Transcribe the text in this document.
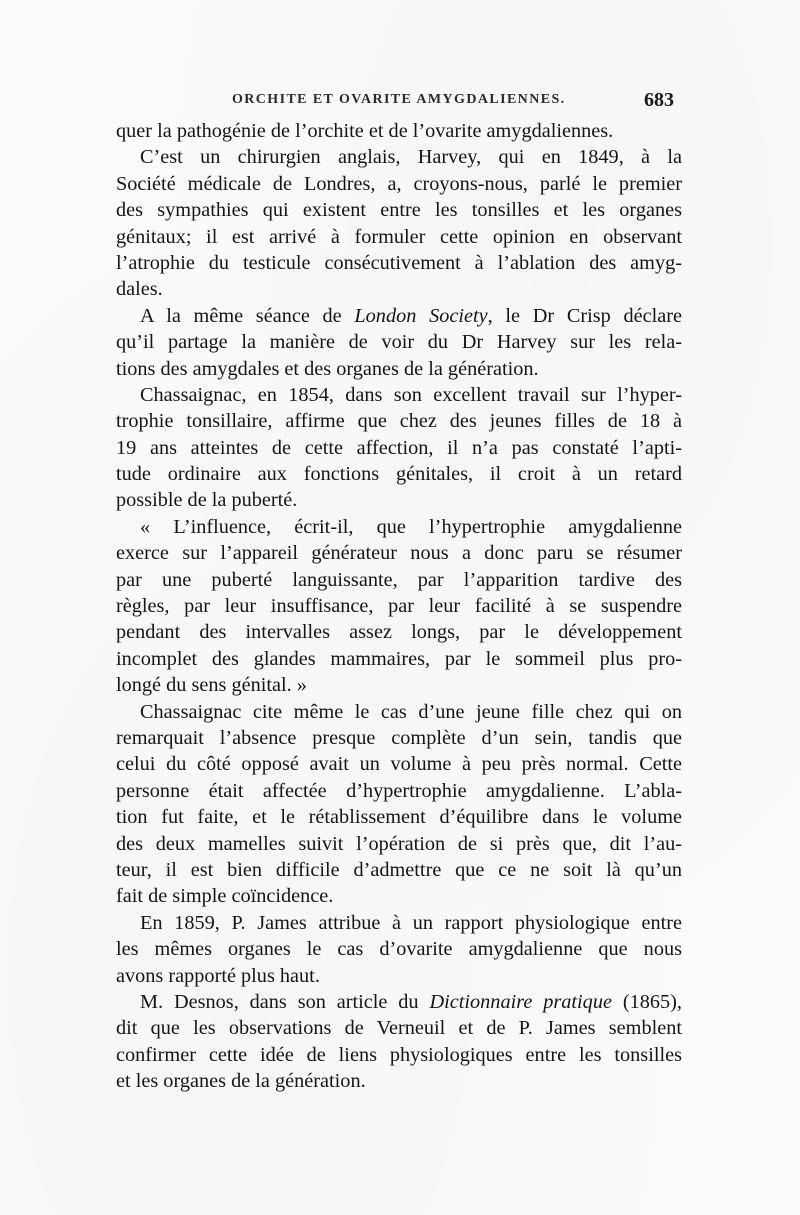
ORCHITE ET OVARITE AMYGDALIENNES.	683

quer la pathogénie de l’orchite et de l’ovarite amygdaliennes.

C’est un chirurgien anglais, Harvey, qui en 1849, à la
Société médicale de Londres, a, croyons-nous, parlé le premier
des sympathies qui existent entre les tonsilles et les organes
génitaux; il est arrivé à formuler cette opinion en observant
l’atrophie du testicule consécutivement à l’ablation des amyg-
dales.

A la même séance de London Society, le Dr Crisp déclare
qu’il partage la manière de voir du Dr Harvey sur les rela-
tions des amygdales et des organes de la génération.

Chassaignac, en 1854, dans son excellent travail sur l’hyper-
trophie tonsillaire, affirme que chez des jeunes filles de 18 à
19 ans atteintes de cette affection, il n’a pas constaté l’apti-
tude ordinaire aux fonctions génitales, il croit à un retard
possible de la puberté.

« L’influence, écrit-il, que l’hypertrophie amygdalienne
exerce sur l’appareil générateur nous a donc paru se résumer
par une puberté languissante, par l’apparition tardive des
règles, par leur insuffisance, par leur facilité à se suspendre
pendant des intervalles assez longs, par le développement
incomplet des glandes mammaires, par le sommeil plus pro-
longé du sens génital. »

Chassaignac cite même le cas d’une jeune fille chez qui on
remarquait l’absence presque complète d’un sein, tandis que
celui du côté opposé avait un volume à peu près normal. Cette
personne était affectée d’hypertrophie amygdalienne. L’abla-
tion fut faite, et le rétablissement d’équilibre dans le volume
des deux mamelles suivit l’opération de si près que, dit l’au-
teur, il est bien difficile d’admettre que ce ne soit là qu’un
fait de simple coïncidence.

En 1859, P. James attribue à un rapport physiologique entre
les mêmes organes le cas d’ovarite amygdalienne que nous
avons rapporté plus haut.

M. Desnos, dans son article du Dictionnaire pratique (1865),
dit que les observations de Verneuil et de P. James semblent
confirmer cette idée de liens physiologiques entre les tonsilles
et les organes de la génération.
